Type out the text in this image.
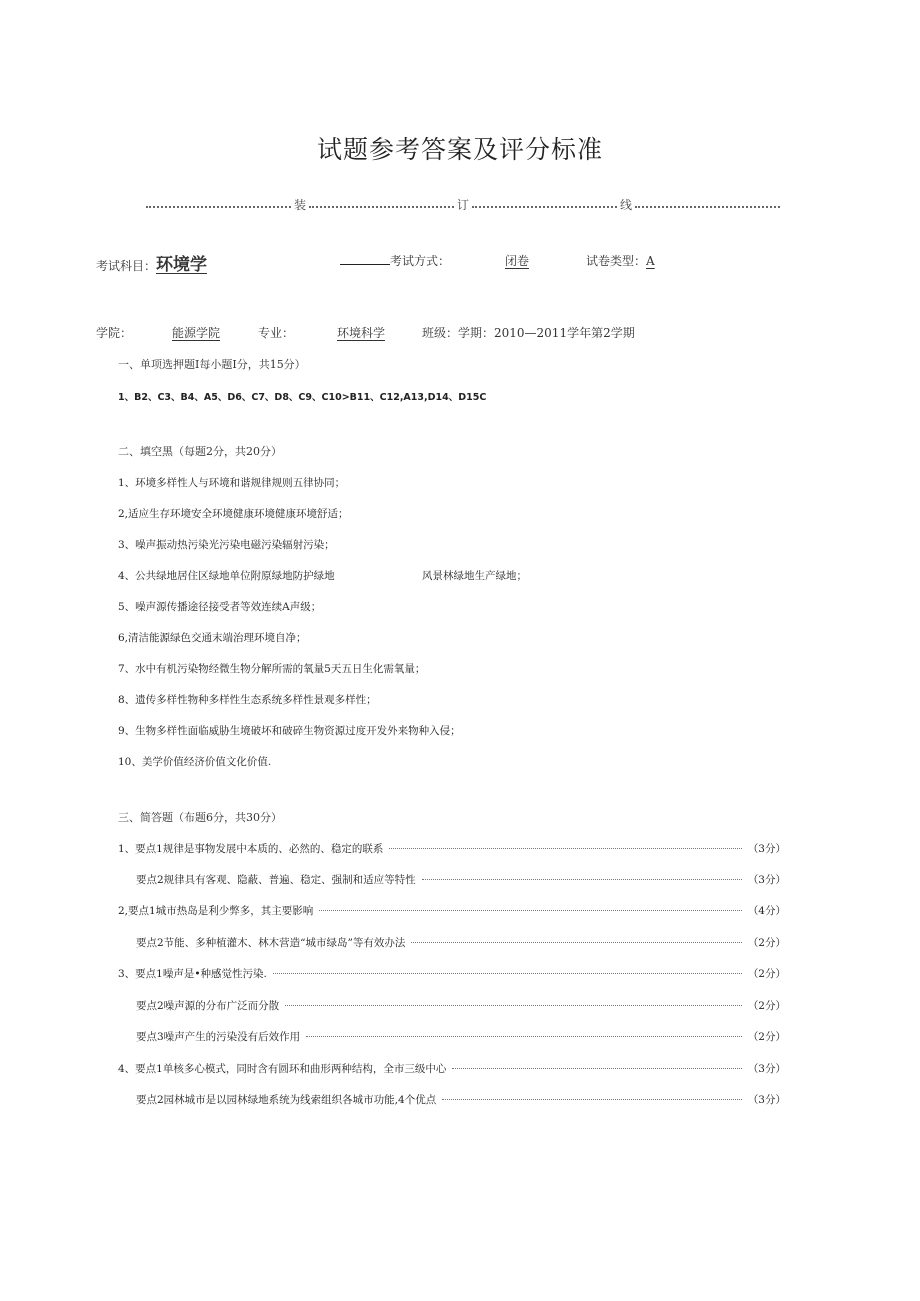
试题参考答案及评分标准
装	订	线
考试科目：环境学	考试方式：	闭卷	试卷类型：A
学院：	能源学院	专业：	环境科学	班级：学期：2010—2011学年第2学期
一、单项选押题I每小题I分，共15分）
1、B2、C3、B4、A5、D6、C7、D8、C9、C10>B11、C12,A13,D14、D15C
二、填空黑（每题2分，共20分）
1、环境多样性人与环境和谐规律规则五律协同；
2,适应生存环境安全环境健康环境健康环境舒适；
3、噪声振动热污染光污染电磁污染辐射污染；
4、公共绿地居住区绿地单位附原绿地防护绿地	风景林绿地生产绿地；
5、噪声源传播途径接受者等效连续A声级；
6,清洁能源绿色交通末端治理环境自净；
7、水中有机污染物经微生物分解所需的氧量5天五日生化需氧量；
8、遗传多样性物种多样性生态系统多样性景观多样性；
9、生物多样性面临威胁生境破坏和破碎生物资源过度开发外来物种入侵；
10、美学价值经济价值文化价值.
三、简答题（布题6分，共30分）
1、要点1规律是事物发展中本质的、必然的、稳定的联系	（3分）
要点2规律具有客观、隐蔽、普遍、稳定、强制和适应等特性	（3分）
2,要点1城市热岛是利少弊多，其主要影响	（4分）
要点2节能、多种植灌木、林木营造“城市绿岛”等有效办法	（2分）
3、要点1噪声是•种感觉性污染.	（2分）
要点2噪声源的分布广泛而分散	（2分）
要点3噪声产生的污染没有后效作用	（2分）
4、要点1单核多心模式，同时含有圆环和曲形两种结构，全市三级中心	（3分）
要点2园林城市是以园林绿地系统为线索组织各城市功能,4个优点	（3分）
